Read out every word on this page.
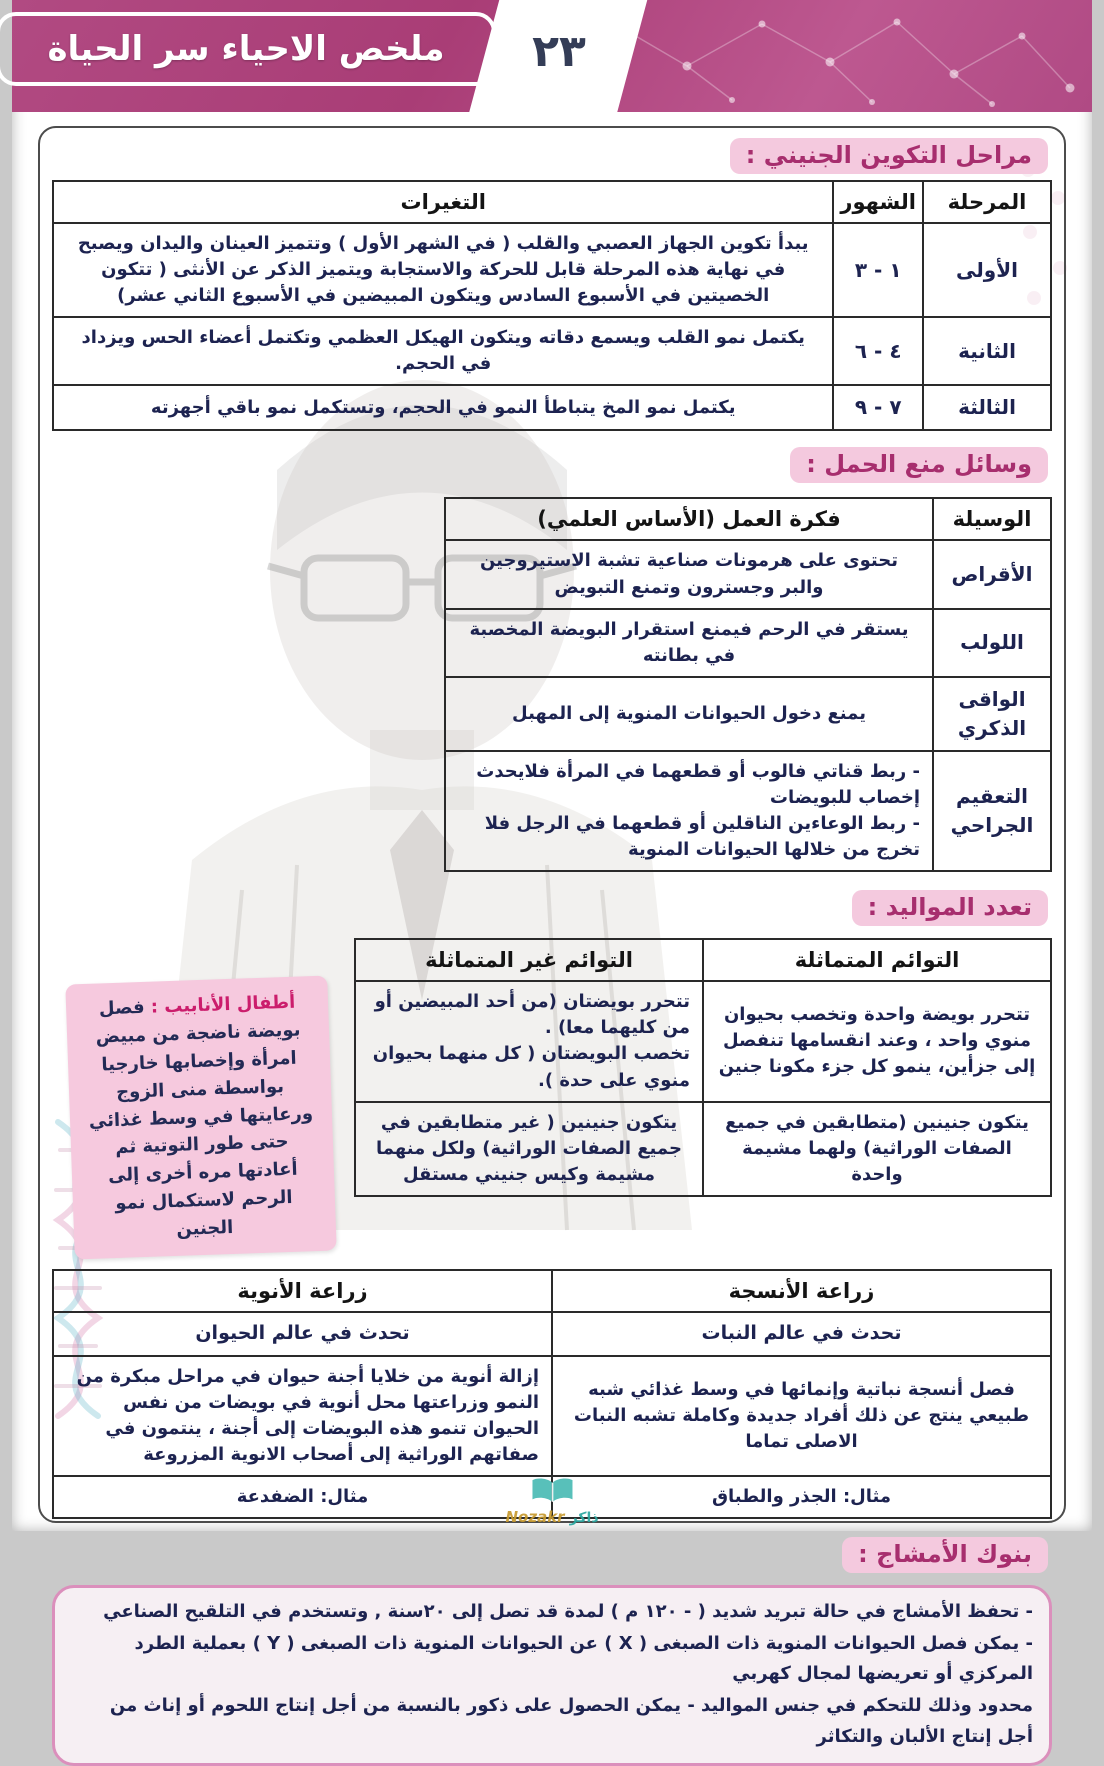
ملخص الاحياء سر الحياة	٢٣
مراحل التكوين الجنيني :
المرحلة	الشهور	التغيرات
الأولى	١ - ٣	يبدأ تكوين الجهاز العصبي والقلب ( في الشهر الأول ) وتتميز العينان واليدان ويصبح في نهاية هذه المرحلة قابل للحركة والاستجابة ويتميز الذكر عن الأنثى ( تتكون الخصيتين في الأسبوع السادس ويتكون المبيضين في الأسبوع الثاني عشر)
الثانية	٤ - ٦	يكتمل نمو القلب ويسمع دقاته ويتكون الهيكل العظمي وتكتمل أعضاء الحس ويزداد في الحجم.
الثالثة	٧ - ٩	يكتمل نمو المخ يتباطأ النمو في الحجم، وتستكمل نمو باقي أجهزته
وسائل منع الحمل :
الوسيلة	فكرة العمل (الأساس العلمي)
الأقراص	تحتوى على هرمونات صناعية تشبة الاستيروجين والبر وجسترون وتمنع التبويض
اللولب	يستقر في الرحم فيمنع استقرار البويضة المخصبة في بطانته
الواقى الذكري	يمنع دخول الحيوانات المنوية إلى المهبل
التعقيم الجراحي	- ربط قناتي فالوب أو قطعهما في المرأة فلايحدث إخصاب للبويضات
- ربط الوعاءين الناقلين أو قطعهما في الرجل فلا تخرج من خلالها الحيوانات المنوية
تعدد المواليد :
التوائم المتماثلة	التوائم غير المتماثلة
تتحرر بويضة واحدة وتخصب بحيوان منوي واحد ، وعند انقسامها تنفصل إلى جزأين، ينمو كل جزء مكونا جنين	تتحرر بويضتان (من أحد المبيضين أو من كليهما معا) .
تخصب البويضتان ( كل منهما بحيوان منوي على حدة ).
يتكون جنينين (متطابقين في جميع الصفات الوراثية) ولهما مشيمة واحدة	يتكون جنينين ( غير متطابقين في جميع الصفات الوراثية) ولكل منهما مشيمة وكيس جنيني مستقل
أطفال الأنابيب : فصل بويضة ناضجة من مبيض امرأة وإخصابها خارجيا بواسطة منى الزوج ورعايتها في وسط غذائي حتى طور التوتية ثم أعادتها مره أخرى إلى الرحم لاستكمال نمو الجنين
زراعة الأنسجة	زراعة الأنوية
تحدث في عالم النبات	تحدث في عالم الحيوان
فصل أنسجة نباتية وإنمائها في وسط غذائي شبه طبيعي ينتج عن ذلك أفراد جديدة وكاملة تشبه النبات الاصلى تماما	إزالة أنوية من خلايا أجنة حيوان في مراحل مبكرة من النمو وزراعتها محل أنوية في بويضات من نفس الحيوان تنمو هذه البويضات إلى أجنة ، ينتمون في صفاتهم الوراثية إلى أصحاب الانوية المزروعة
مثال: الجذر والطباق	مثال: الضفدعة
بنوك الأمشاج :

- تحفظ الأمشاج في حالة تبريد شديد ( - ١٢٠ م ) لمدة قد تصل إلى ٢٠سنة , وتستخدم في التلقيح الصناعي

- يمكن فصل الحيوانات المنوية ذات الصبغى ( X ) عن الحيوانات المنوية ذات الصبغى ( Y ) بعملية الطرد المركزي أو تعريضها لمجال كهربي

محدود وذلك للتحكم في جنس المواليد - يمكن الحصول على ذكور بالنسبة من أجل إنتاج اللحوم أو إناث من أجل إنتاج الألبان والتكاثر

ذاكر Nozakr
